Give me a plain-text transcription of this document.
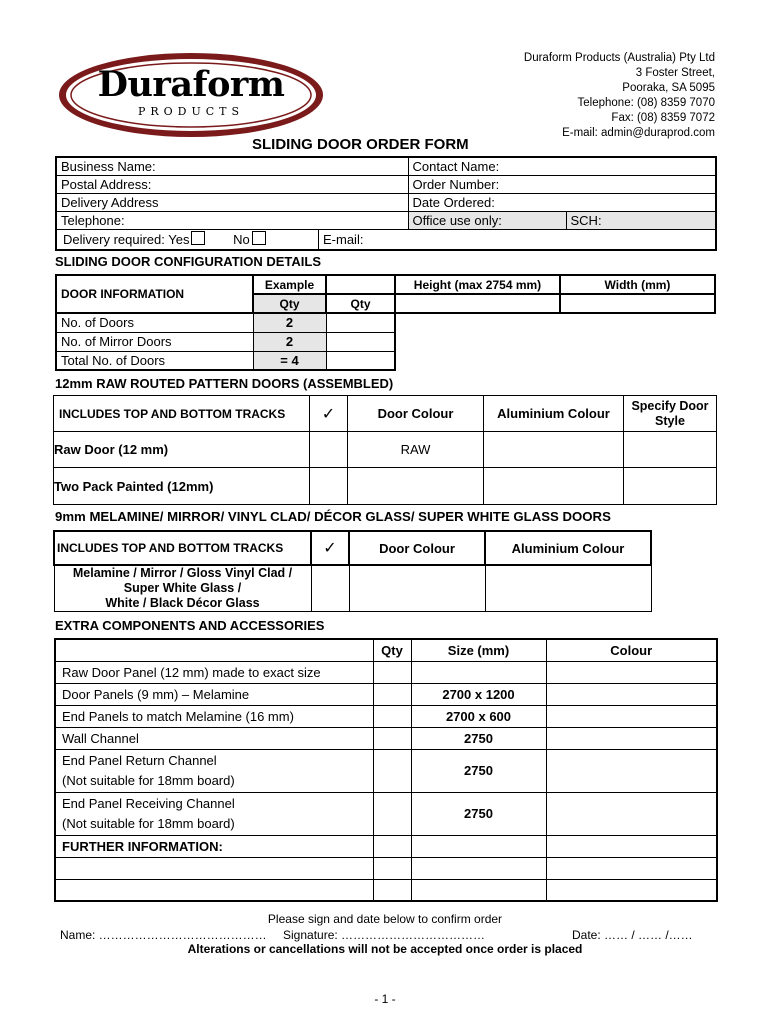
Duraform
PRODUCTS
Duraform Products (Australia) Pty Ltd
3 Foster Street,
Pooraka, SA 5095
Telephone: (08) 8359 7070
Fax: (08) 8359 7072
E-mail: admin@duraprod.com
SLIDING DOOR ORDER FORM
Business Name:	Contact Name:	
Postal Address:	Order Number:	
Delivery Address	Date Ordered:	
Telephone:	Office use only:	SCH:

Delivery required: Yes No E-mail:		
SLIDING DOOR CONFIGURATION DETAILS
DOOR INFORMATION	Example		Height (max 2754 mm)	Width (mm)
	Qty	Qty		
No. of Doors	2			
No. of Mirror Doors	2			
Total No. of Doors	= 4			
12mm RAW ROUTED PATTERN DOORS (ASSEMBLED)
INCLUDES TOP AND BOTTOM TRACKS	✓	Door Colour	Aluminium Colour	Specify Door Style
Raw Door (12 mm)		RAW		
Two Pack Painted (12mm)				
9mm MELAMINE/ MIRROR/ VINYL CLAD/ DÉCOR GLASS/ SUPER WHITE GLASS DOORS
INCLUDES TOP AND BOTTOM TRACKS	✓	Door Colour	Aluminium Colour

Melamine / Mirror / Gloss Vinyl Clad /
Super White Glass /
White / Black Décor Glass			

EXTRA COMPONENTS AND ACCESSORIES
	Qty	Size (mm)	Colour
Raw Door Panel (12 mm) made to exact size			
Door Panels (9 mm) – Melamine		2700 x 1200	
End Panels to match Melamine (16 mm)		2700 x 600	
Wall Channel		2750	

End Panel Return Channel
(Not suitable for 18mm board)		2750	

End Panel Receiving Channel
(Not suitable for 18mm board)		2750	
FURTHER INFORMATION:			

Please sign and date below to confirm order
Name: …………………………………… Signature: ………………………………	Date: …… / …… /……
Alterations or cancellations will not be accepted once order is placed
- 1 -
